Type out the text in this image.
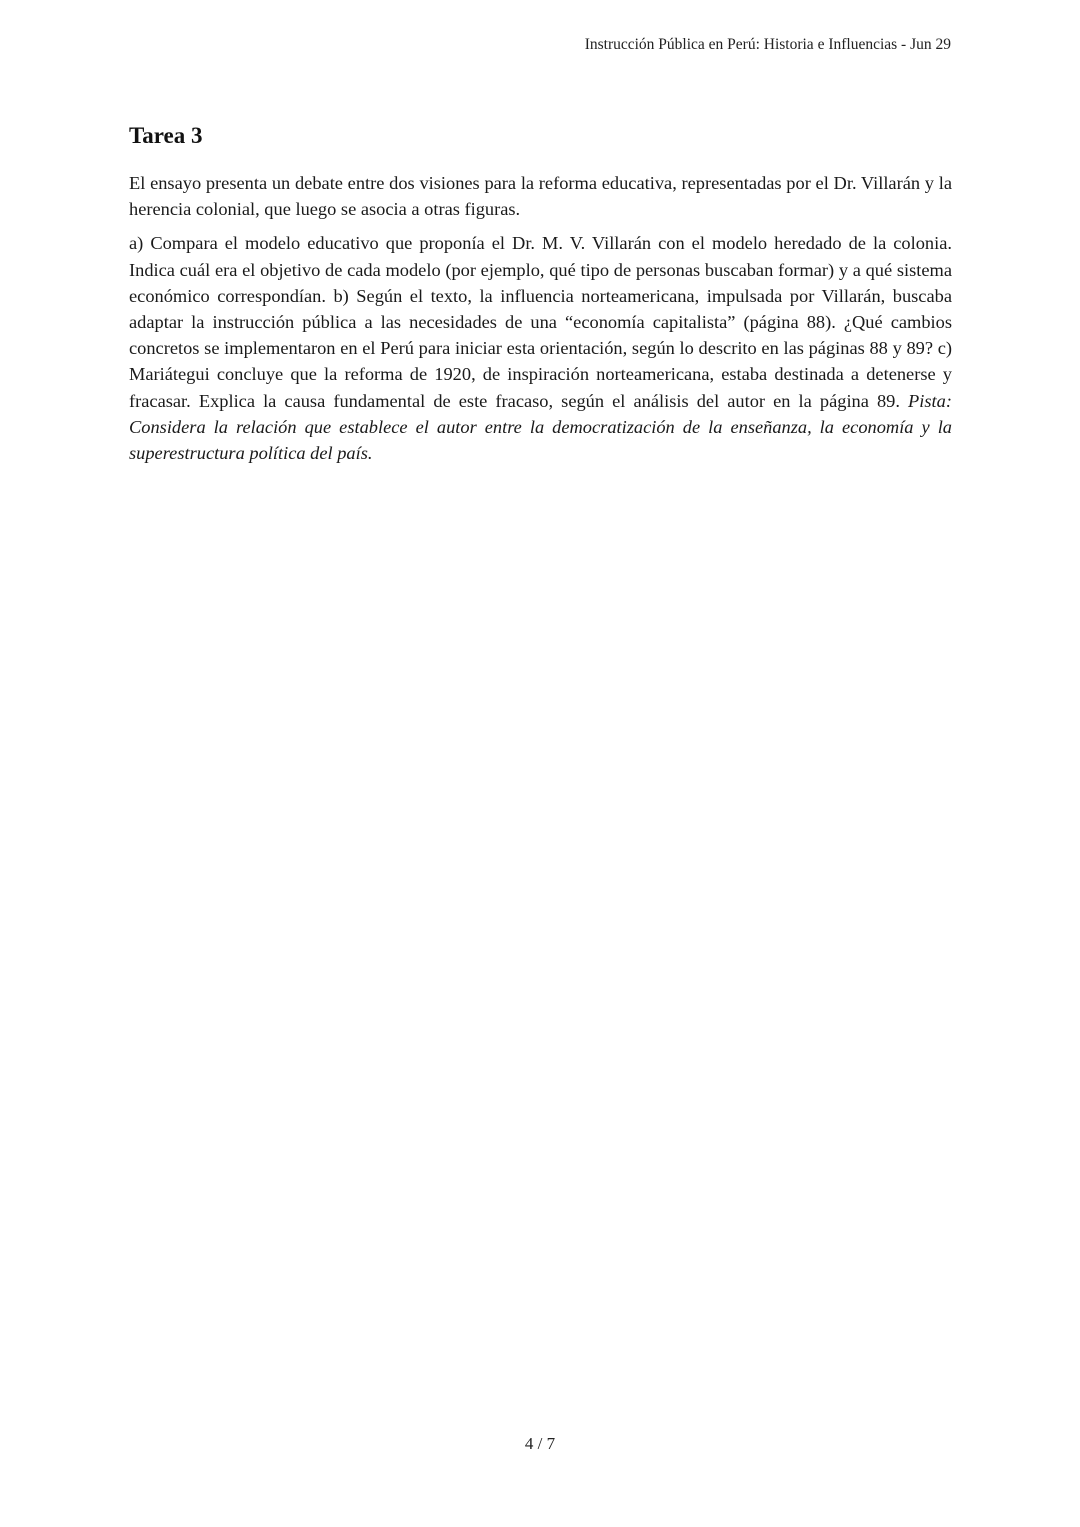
Instrucción Pública en Perú: Historia e Influencias - Jun 29
Tarea 3

El ensayo presenta un debate entre dos visiones para la reforma educativa, representadas por el Dr. Villarán y la herencia colonial, que luego se asocia a otras figuras.

a) Compara el modelo educativo que proponía el Dr. M. V. Villarán con el modelo heredado de la colonia. Indica cuál era el objetivo de cada modelo (por ejemplo, qué tipo de personas buscaban formar) y a qué sistema económico correspondían. b) Según el texto, la influencia norteamericana, impulsada por Villarán, buscaba adaptar la instrucción pública a las necesidades de una “economía capitalista” (página 88). ¿Qué cambios concretos se implementaron en el Perú para iniciar esta orientación, según lo descrito en las páginas 88 y 89? c) Mariátegui concluye que la reforma de 1920, de inspiración norteamericana, estaba destinada a detenerse y fracasar. Explica la causa fundamental de este fracaso, según el análisis del autor en la página 89. Pista: Considera la relación que establece el autor entre la democratización de la enseñanza, la economía y la superestructura política del país.

4 / 7
